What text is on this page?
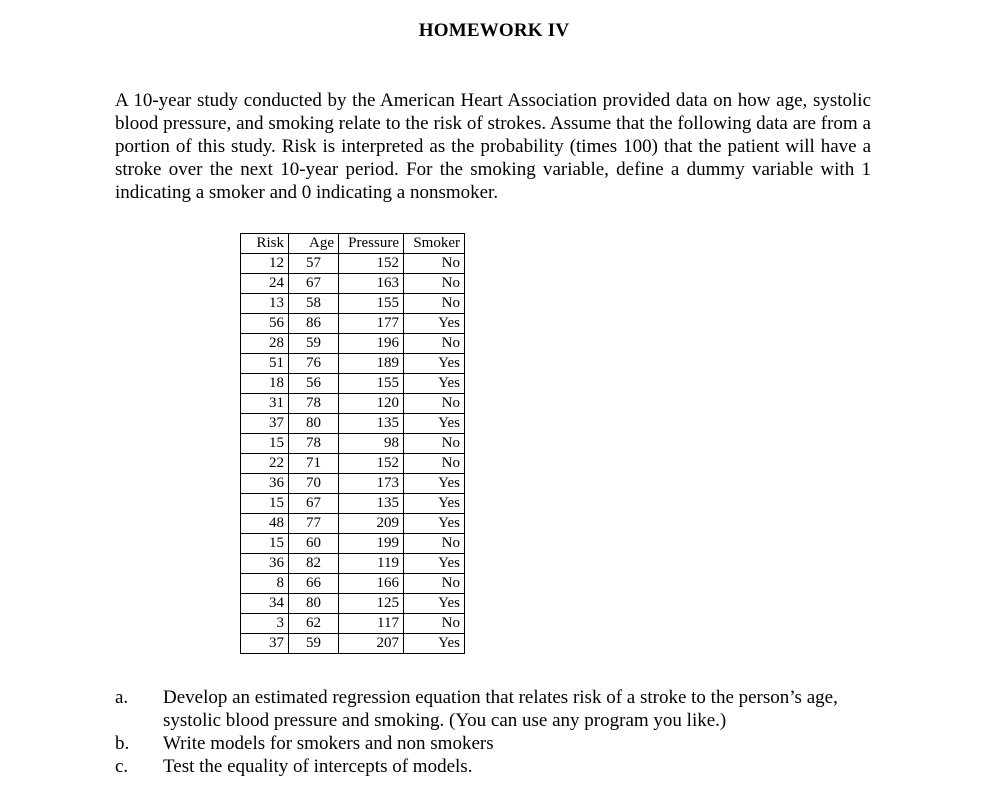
HOMEWORK IV

A 10-year study conducted by the American Heart Association provided data on how age, systolic blood pressure, and smoking relate to the risk of strokes. Assume that the following data are from a portion of this study. Risk is interpreted as the probability (times 100) that the patient will have a stroke over the next 10-year period. For the smoking variable, define a dummy variable with 1 indicating a smoker and 0 indicating a nonsmoker.

Risk	Age	Pressure	Smoker
12	57	152	No
24	67	163	No
13	58	155	No
56	86	177	Yes
28	59	196	No
51	76	189	Yes
18	56	155	Yes
31	78	120	No
37	80	135	Yes
15	78	98	No
22	71	152	No
36	70	173	Yes
15	67	135	Yes
48	77	209	Yes
15	60	199	No
36	82	119	Yes
8	66	166	No
34	80	125	Yes
3	62	117	No
37	59	207	Yes
a.	Develop an estimated regression equation that relates risk of a stroke to the person’s age, systolic blood pressure and smoking. (You can use any program you like.)
b.	Write models for smokers and non smokers
c.	Test the equality of intercepts of models.
